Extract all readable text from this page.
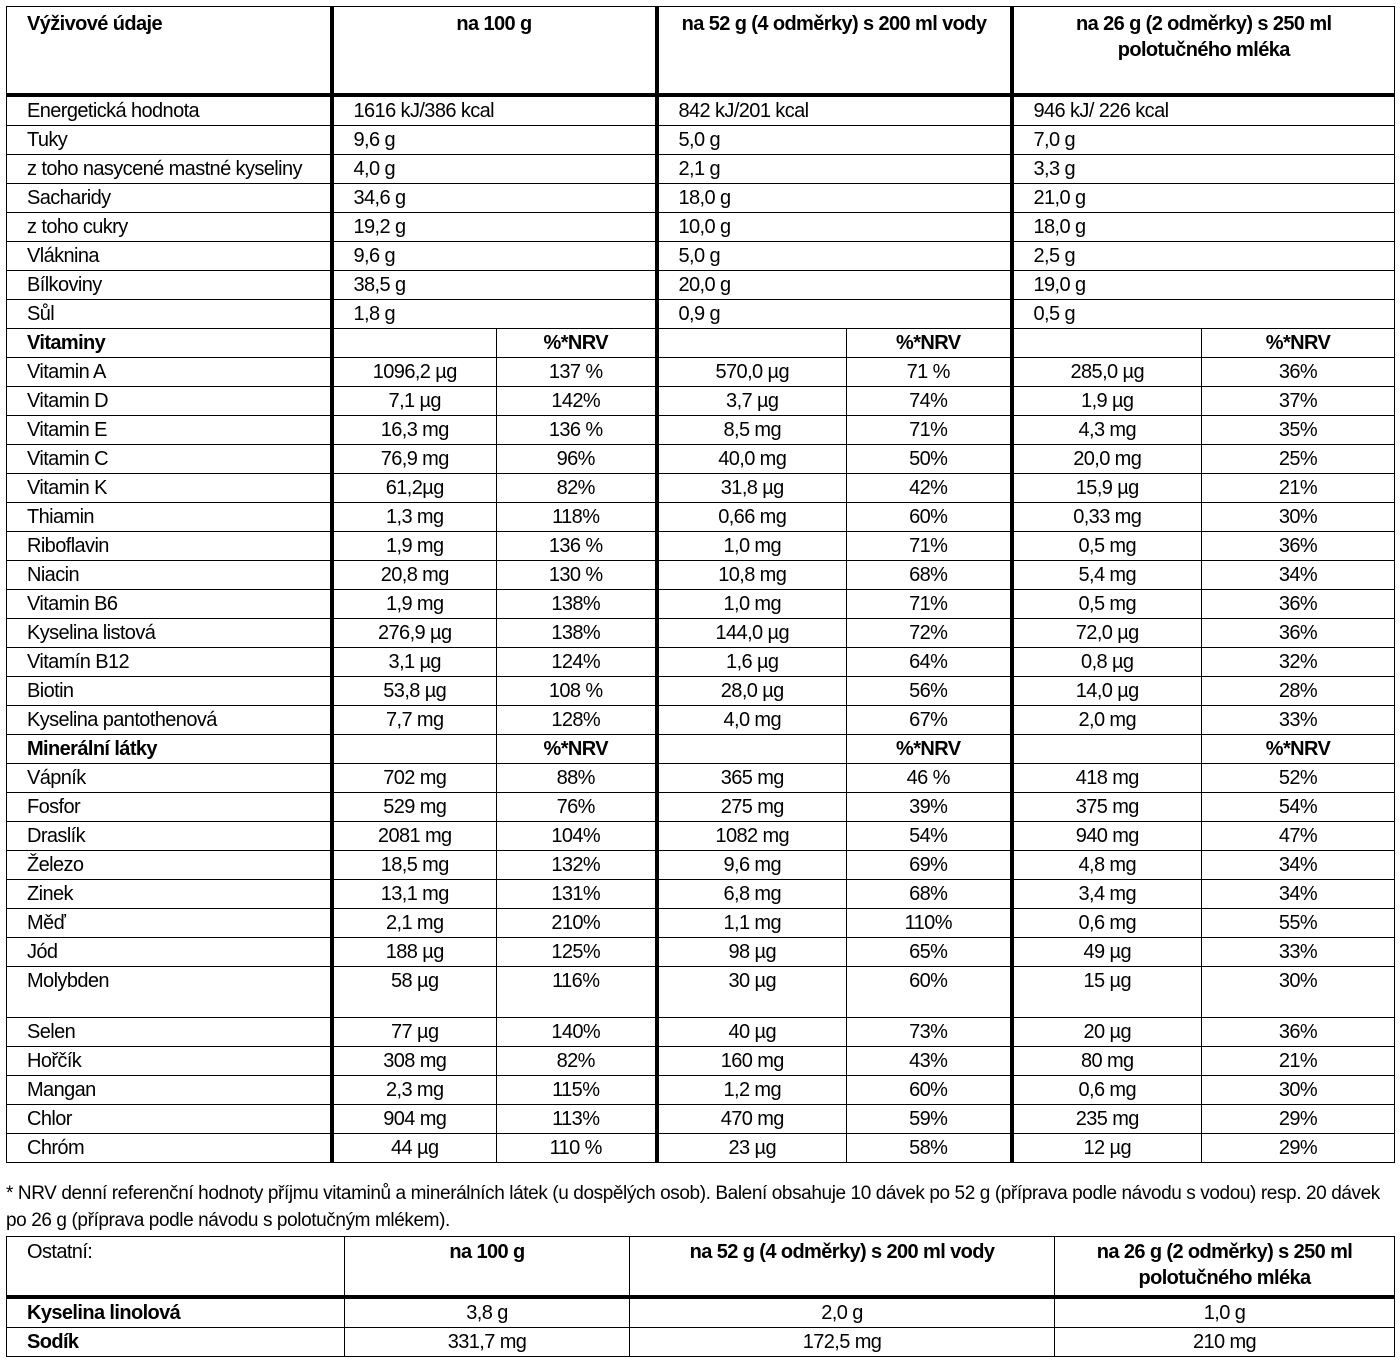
Výživové údaje	na 100 g		na 52 g (4 odměrky) s 200 ml vody		na 26 g (2 odměrky) s 250 ml polotučného mléka	
Energetická hodnota	1616 kJ/386 kcal		842 kJ/201 kcal		946 kJ/ 226 kcal	
Tuky	9,6 g		5,0 g		7,0 g	
z toho nasycené mastné kyseliny	4,0 g		2,1 g		3,3 g	
Sacharidy	34,6 g		18,0 g		21,0 g	
z toho cukry	19,2 g		10,0 g		18,0 g	
Vláknina	9,6 g		5,0 g		2,5 g	
Bílkoviny	38,5 g		20,0 g		19,0 g	
Sůl	1,8 g		0,9 g		0,5 g	
Vitaminy		%*NRV		%*NRV		%*NRV
Vitamin A	1096,2 µg	137 %	570,0 µg	71 %	285,0 µg	36%
Vitamin D	7,1 µg	142%	3,7 µg	74%	1,9 µg	37%
Vitamin E	16,3 mg	136 %	8,5 mg	71%	4,3 mg	35%
Vitamin C	76,9 mg	96%	40,0 mg	50%	20,0 mg	25%
Vitamin K	61,2µg	82%	31,8 µg	42%	15,9 µg	21%
Thiamin	1,3 mg	118%	0,66 mg	60%	0,33 mg	30%
Riboflavin	1,9 mg	136 %	1,0 mg	71%	0,5 mg	36%
Niacin	20,8 mg	130 %	10,8 mg	68%	5,4 mg	34%
Vitamin B6	1,9 mg	138%	1,0 mg	71%	0,5 mg	36%
Kyselina listová	276,9 µg	138%	144,0 µg	72%	72,0 µg	36%
Vitamín B12	3,1 µg	124%	1,6 µg	64%	0,8 µg	32%
Biotin	53,8 µg	108 %	28,0 µg	56%	14,0 µg	28%
Kyselina pantothenová	7,7 mg	128%	4,0 mg	67%	2,0 mg	33%
Minerální látky		%*NRV		%*NRV		%*NRV
Vápník	702 mg	88%	365 mg	46 %	418 mg	52%
Fosfor	529 mg	76%	275 mg	39%	375 mg	54%
Draslík	2081 mg	104%	1082 mg	54%	940 mg	47%
Železo	18,5 mg	132%	9,6 mg	69%	4,8 mg	34%
Zinek	13,1 mg	131%	6,8 mg	68%	3,4 mg	34%
Měď	2,1 mg	210%	1,1 mg	110%	0,6 mg	55%
Jód	188 µg	125%	98 µg	65%	49 µg	33%
Molybden	58 µg	116%	30 µg	60%	15 µg	30%
Selen	77 µg	140%	40 µg	73%	20 µg	36%
Hořčík	308 mg	82%	160 mg	43%	80 mg	21%
Mangan	2,3 mg	115%	1,2 mg	60%	0,6 mg	30%
Chlor	904 mg	113%	470 mg	59%	235 mg	29%
Chróm	44 µg	110 %	23 µg	58%	12 µg	29%
* NRV denní referenční hodnoty příjmu vitaminů a minerálních látek (u dospělých osob). Balení obsahuje 10 dávek po 52 g (příprava podle návodu s vodou) resp. 20 dávek po 26 g (příprava podle návodu s polotučným mlékem).
Ostatní:	na 100 g	na 52 g (4 odměrky) s 200 ml vody	na 26 g (2 odměrky) s 250 ml polotučného mléka
Kyselina linolová	3,8 g	2,0 g	1,0 g
Sodík	331,7 mg	172,5 mg	210 mg
